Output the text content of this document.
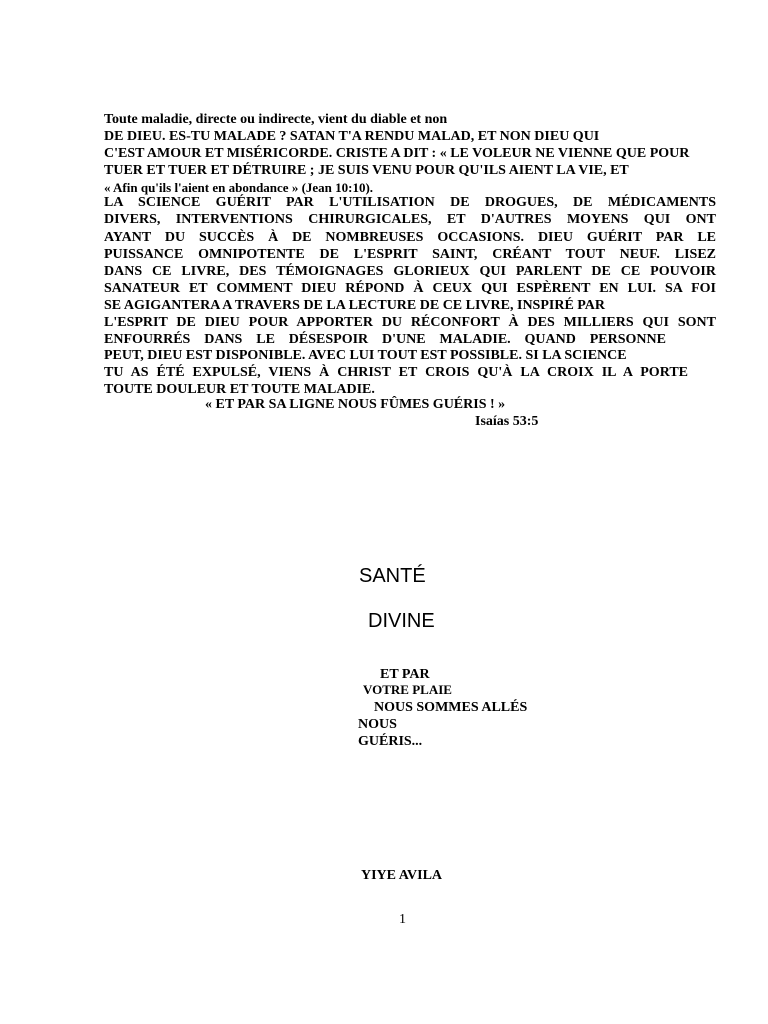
Toute maladie, directe ou indirecte, vient du diable et non
DE DIEU. ES-TU MALADE ? SATAN T'A RENDU MALAD, ET NON DIEU QUI
C'EST AMOUR ET MISÉRICORDE. CRISTE A DIT : « LE VOLEUR NE VIENNE QUE POUR
TUER ET TUER ET DÉTRUIRE ; JE SUIS VENU POUR QU'ILS AIENT LA VIE, ET
« Afin qu'ils l'aient en abondance » (Jean 10:10).
LA SCIENCE GUÉRIT PAR L'UTILISATION DE DROGUES, DE MÉDICAMENTS
DIVERS, INTERVENTIONS CHIRURGICALES, ET D'AUTRES MOYENS QUI ONT
AYANT DU SUCCÈS À DE NOMBREUSES OCCASIONS. DIEU GUÉRIT PAR LE
PUISSANCE OMNIPOTENTE DE L'ESPRIT SAINT, CRÉANT TOUT NEUF. LISEZ
DANS CE LIVRE, DES TÉMOIGNAGES GLORIEUX QUI PARLENT DE CE POUVOIR
SANATEUR ET COMMENT DIEU RÉPOND À CEUX QUI ESPÈRENT EN LUI. SA FOI
SE AGIGANTERA A TRAVERS DE LA LECTURE DE CE LIVRE, INSPIRÉ PAR
L'ESPRIT DE DIEU POUR APPORTER DU RÉCONFORT À DES MILLIERS QUI SONT
ENFOURRÉS DANS LE DÉSESPOIR D'UNE MALADIE. QUAND PERSONNE
PEUT, DIEU EST DISPONIBLE. AVEC LUI TOUT EST POSSIBLE. SI LA SCIENCE
TU AS ÉTÉ EXPULSÉ, VIENS À CHRIST ET CROIS QU'À LA CROIX IL A PORTE
TOUTE DOULEUR ET TOUTE MALADIE.
« ET PAR SA LIGNE NOUS FÛMES GUÉRIS ! »
Isaías 53:5
SANTÉ
DIVINE
ET PAR
VOTRE PLAIE
NOUS SOMMES ALLÉS
NOUS
GUÉRIS...
YIYE AVILA
1
